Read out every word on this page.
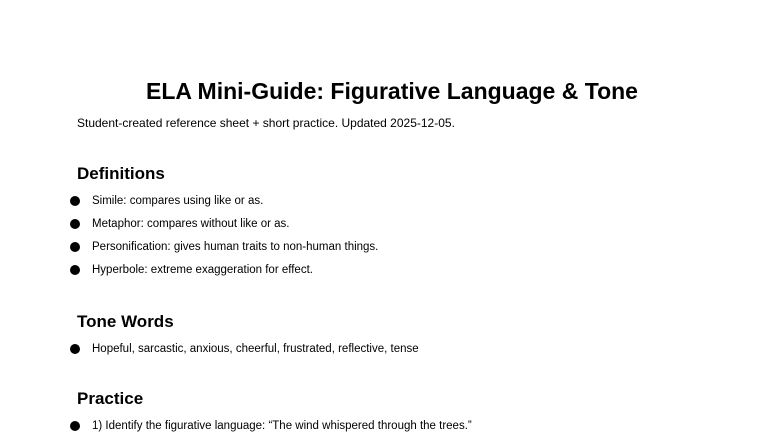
ELA Mini-Guide: Figurative Language & Tone

Student-created reference sheet + short practice. Updated 2025-12-05.

Definitions
Simile: compares using like or as.
Metaphor: compares without like or as.
Personification: gives human traits to non-human things.
Hyperbole: extreme exaggeration for effect.
Tone Words
Hopeful, sarcastic, anxious, cheerful, frustrated, reflective, tense
Practice
1) Identify the figurative language: “The wind whispered through the trees.”
